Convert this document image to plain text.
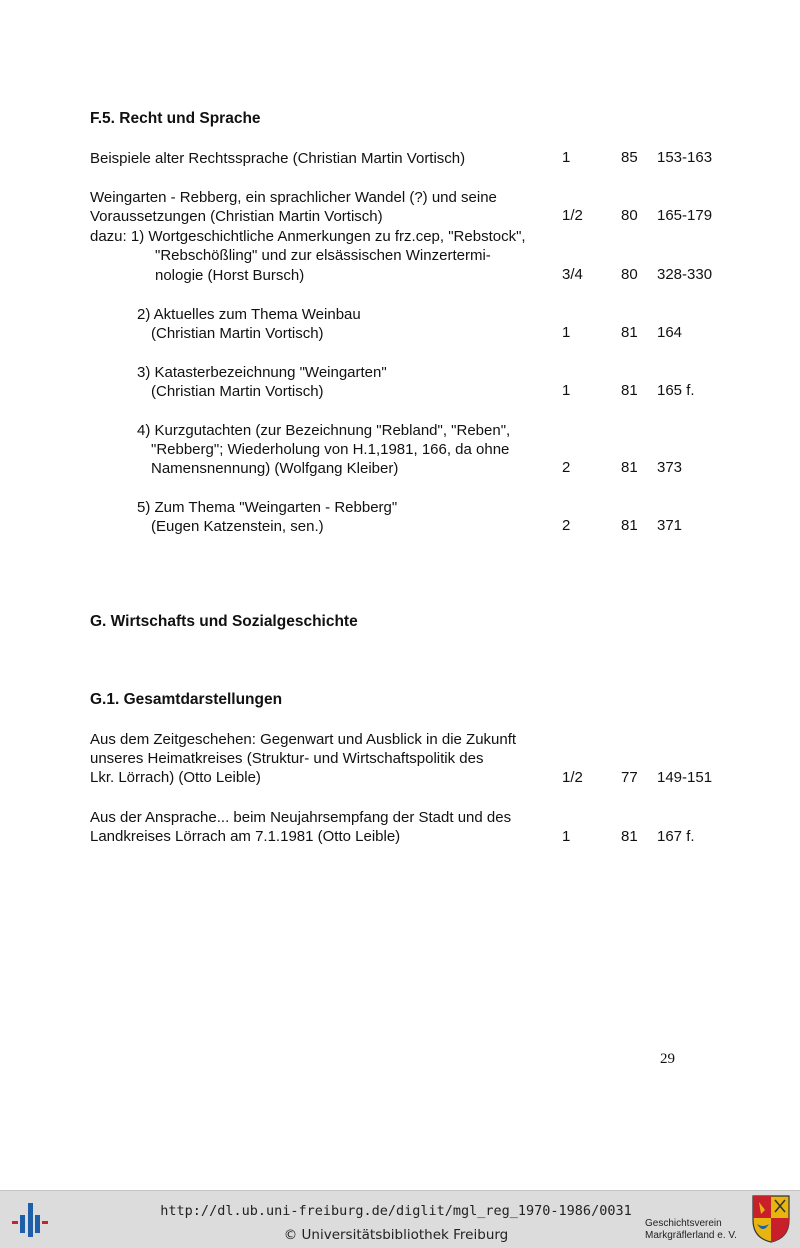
F.5. Recht und Sprache
Beispiele alter Rechtssprache (Christian Martin Vortisch)	1	85 153-163
Weingarten - Rebberg, ein sprachlicher Wandel (?) und seine
Voraussetzungen (Christian Martin Vortisch)	1/2	80 165-179
dazu: 1) Wortgeschichtliche Anmerkungen zu frz.cep, "Rebstock",
"Rebschößling" und zur elsässischen Winzertermi-
nologie (Horst Bursch)	3/4	80 328-330
2) Aktuelles zum Thema Weinbau
(Christian Martin Vortisch)	1	81 164
3) Katasterbezeichnung "Weingarten"
(Christian Martin Vortisch)	1	81 165 f.
4) Kurzgutachten (zur Bezeichnung "Rebland", "Reben",
"Rebberg"; Wiederholung von H.1,1981, 166, da ohne
Namensnennung) (Wolfgang Kleiber)	2	81 373
5) Zum Thema "Weingarten - Rebberg"
(Eugen Katzenstein, sen.)	2	81 371
G. Wirtschafts und Sozialgeschichte
G.1. Gesamtdarstellungen
Aus dem Zeitgeschehen: Gegenwart und Ausblick in die Zukunft
unseres Heimatkreises (Struktur- und Wirtschaftspolitik des
Lkr. Lörrach) (Otto Leible)	1/2	77 149-151
Aus der Ansprache... beim Neujahrsempfang der Stadt und des
Landkreises Lörrach am 7.1.1981 (Otto Leible)	1	81 167 f.
29
http://dl.ub.uni-freiburg.de/diglit/mgl_reg_1970-1986/0031
© Universitätsbibliothek Freiburg
Geschichtsverein
Markgräflerland e. V.
